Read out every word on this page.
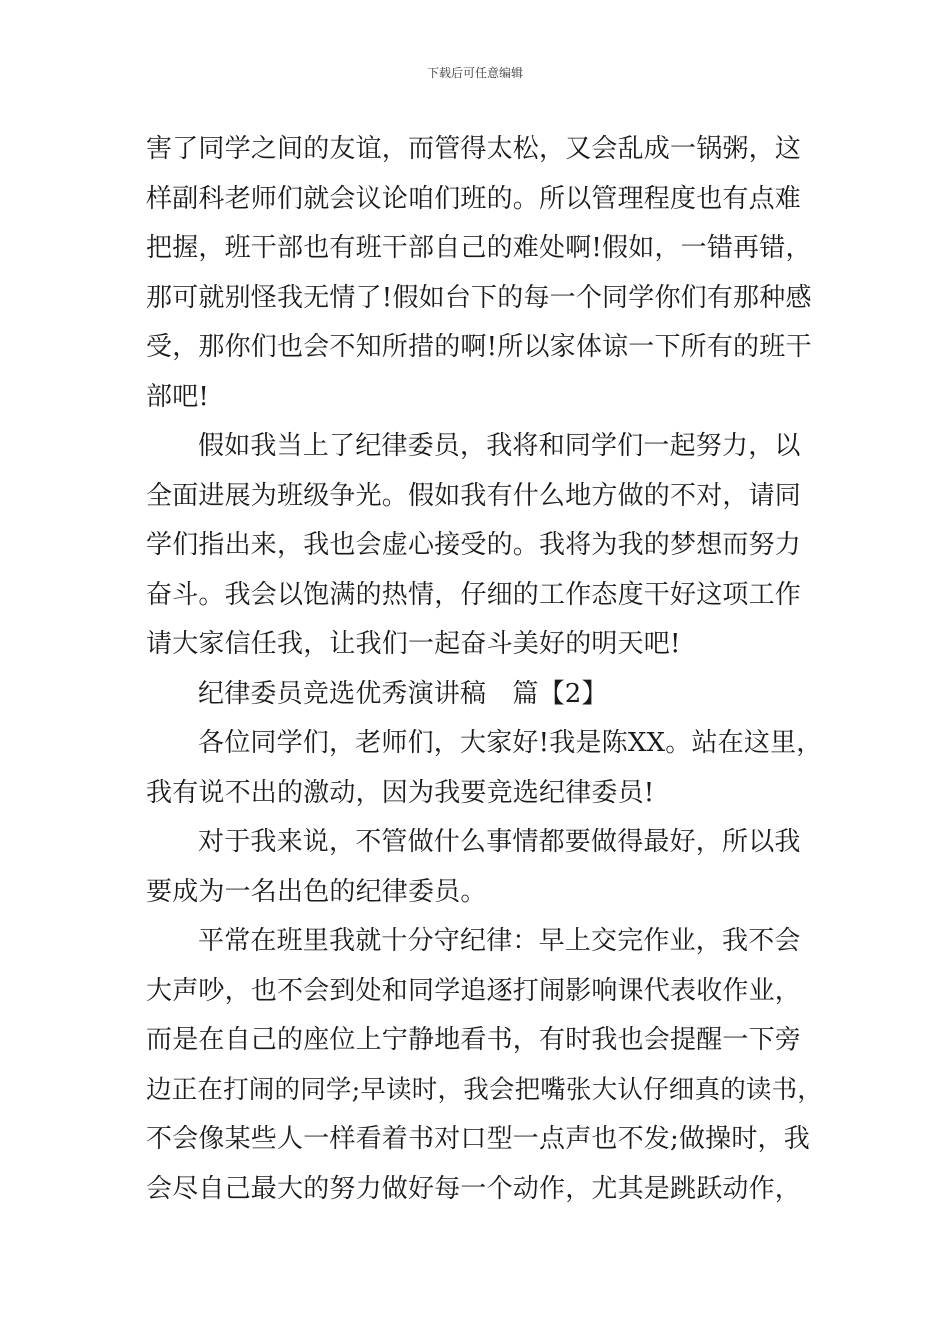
下载后可任意编辑
害了同学之间的友谊，而管得太松，又会乱成一锅粥，这
样副科老师们就会议论咱们班的。所以管理程度也有点难
把握，班干部也有班干部自己的难处啊!假如，一错再错，
那可就别怪我无情了!假如台下的每一个同学你们有那种感
受，那你们也会不知所措的啊!所以家体谅一下所有的班干
部吧!
假如我当上了纪律委员，我将和同学们一起努力，以
全面进展为班级争光。假如我有什么地方做的不对，请同
学们指出来，我也会虚心接受的。我将为我的梦想而努力
奋斗。我会以饱满的热情，仔细的工作态度干好这项工作
请大家信任我，让我们一起奋斗美好的明天吧!
纪律委员竞选优秀演讲稿　篇【2】
各位同学们，老师们，大家好!我是陈XX。站在这里，
我有说不出的激动，因为我要竞选纪律委员!
对于我来说，不管做什么事情都要做得最好，所以我
要成为一名出色的纪律委员。
平常在班里我就十分守纪律：早上交完作业，我不会
大声吵，也不会到处和同学追逐打闹影响课代表收作业，
而是在自己的座位上宁静地看书，有时我也会提醒一下旁
边正在打闹的同学;早读时，我会把嘴张大认仔细真的读书，
不会像某些人一样看着书对口型一点声也不发;做操时，我
会尽自己最大的努力做好每一个动作，尤其是跳跃动作，
